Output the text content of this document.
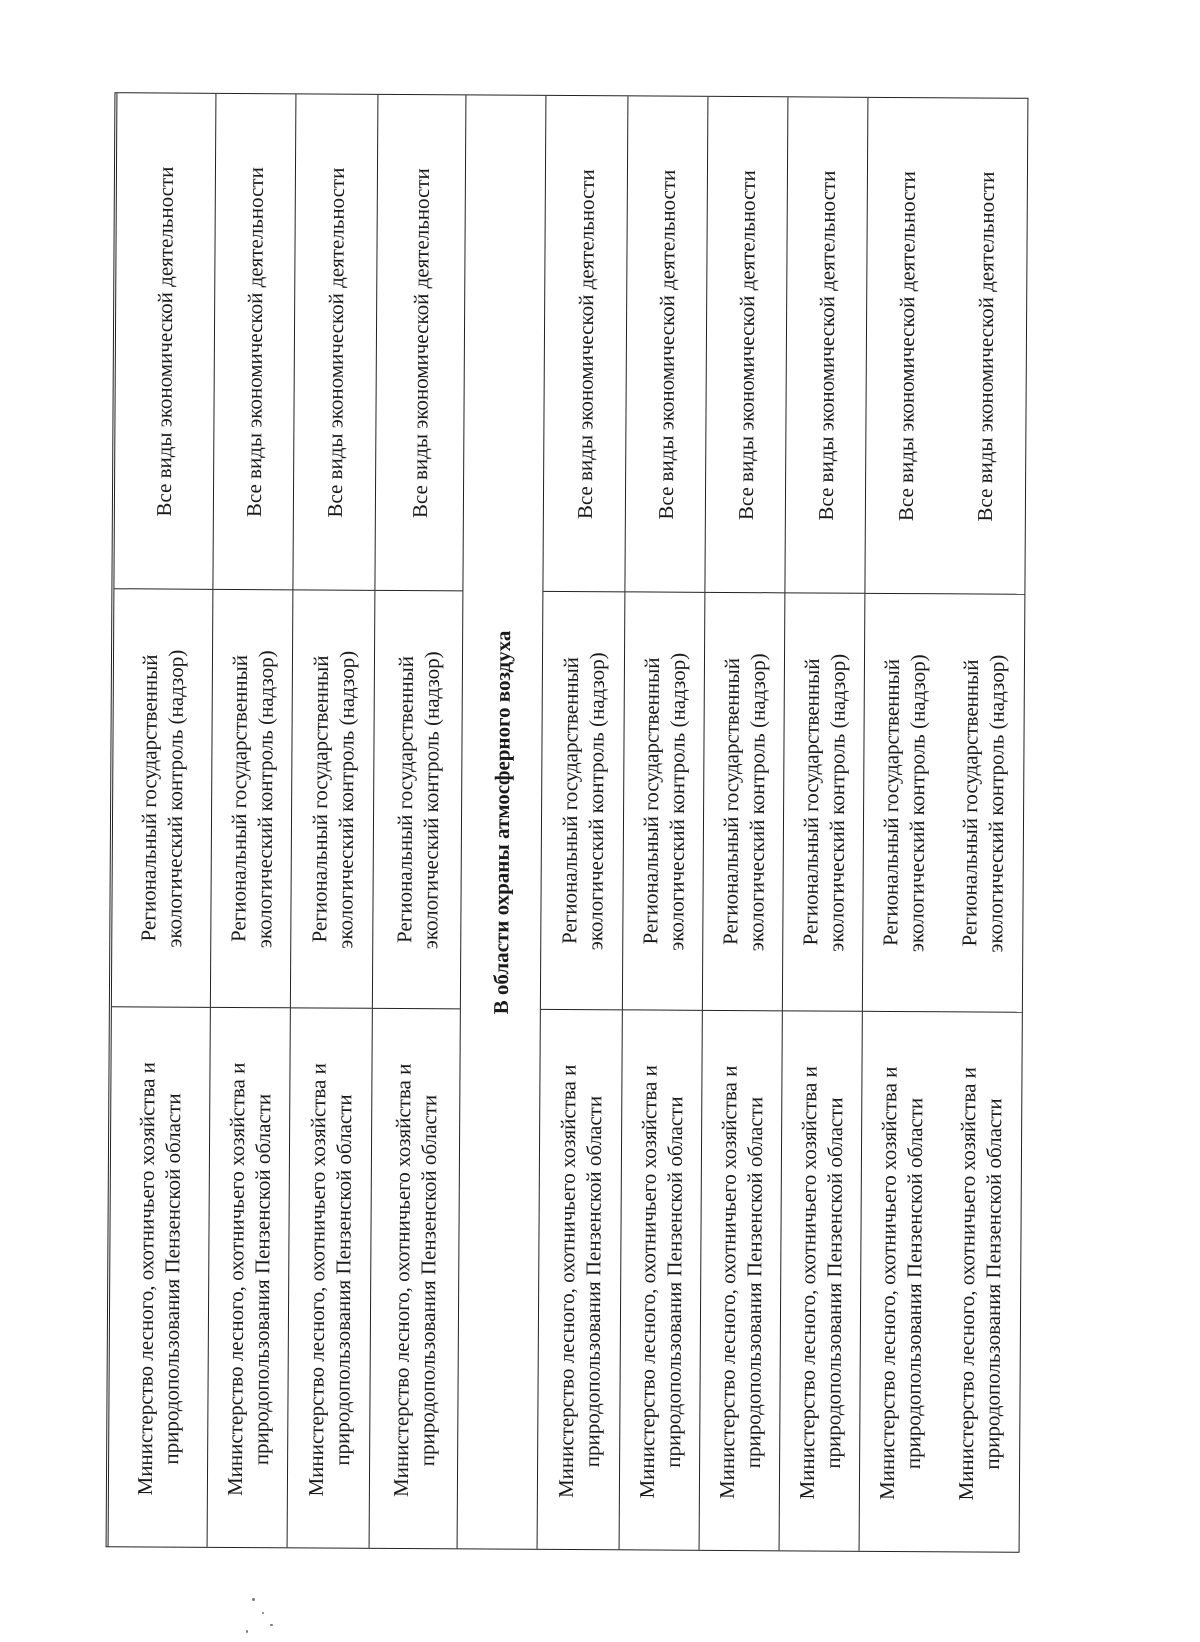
Все виды экономической деятельности
Региональный государственный экологический контроль (надзор)
Министерство лесного, охотничьего хозяйства и природопользования Пензенской области
Все виды экономической деятельности
Региональный государственный экологический контроль (надзор)
Министерство лесного, охотничьего хозяйства и природопользования Пензенской области
Все виды экономической деятельности
Региональный государственный экологический контроль (надзор)
Министерство лесного, охотничьего хозяйства и природопользования Пензенской области
Все виды экономической деятельности
Региональный государственный экологический контроль (надзор)
Министерство лесного, охотничьего хозяйства и природопользования Пензенской области
Все виды экономической деятельности
Региональный государственный экологический контроль (надзор)
Министерство лесного, охотничьего хозяйства и природопользования Пензенской области
Все виды экономической деятельности
Региональный государственный экологический контроль (надзор)
Министерство лесного, охотничьего хозяйства и природопользования Пензенской области
В области охраны атмосферного воздуха
Все виды экономической деятельности
Региональный государственный экологический контроль (надзор)
Министерство лесного, охотничьего хозяйства и природопользования Пензенской области
Все виды экономической деятельности
Региональный государственный экологический контроль (надзор)
Министерство лесного, охотничьего хозяйства и природопользования Пензенской области
Все виды экономической деятельности
Региональный государственный экологический контроль (надзор)
Министерство лесного, охотничьего хозяйства и природопользования Пензенской области
Все виды экономической деятельности
Региональный государственный экологический контроль (надзор)
Министерство лесного, охотничьего хозяйства и природопользования Пензенской области
